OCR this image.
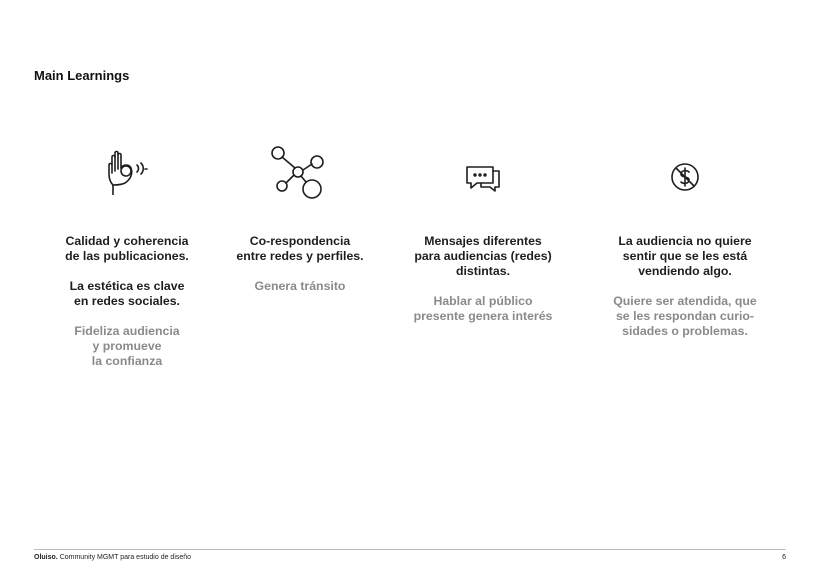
Main Learnings

Calidad y coherencia
de las publicaciones.

La estética es clave
en redes sociales.

Fideliza audiencia
y promueve
la confianza

Co-respondencia
entre redes y perfiles.

Genera tránsito

Mensajes diferentes
para audiencias (redes)
distintas.

Hablar al público
presente genera interés

La audiencia no quiere
sentir que se les está
vendiendo algo.

Quiere ser atendida, que
se les respondan curio-
sidades o problemas.

Oluiso. Community MGMT para estudio de diseño	6
